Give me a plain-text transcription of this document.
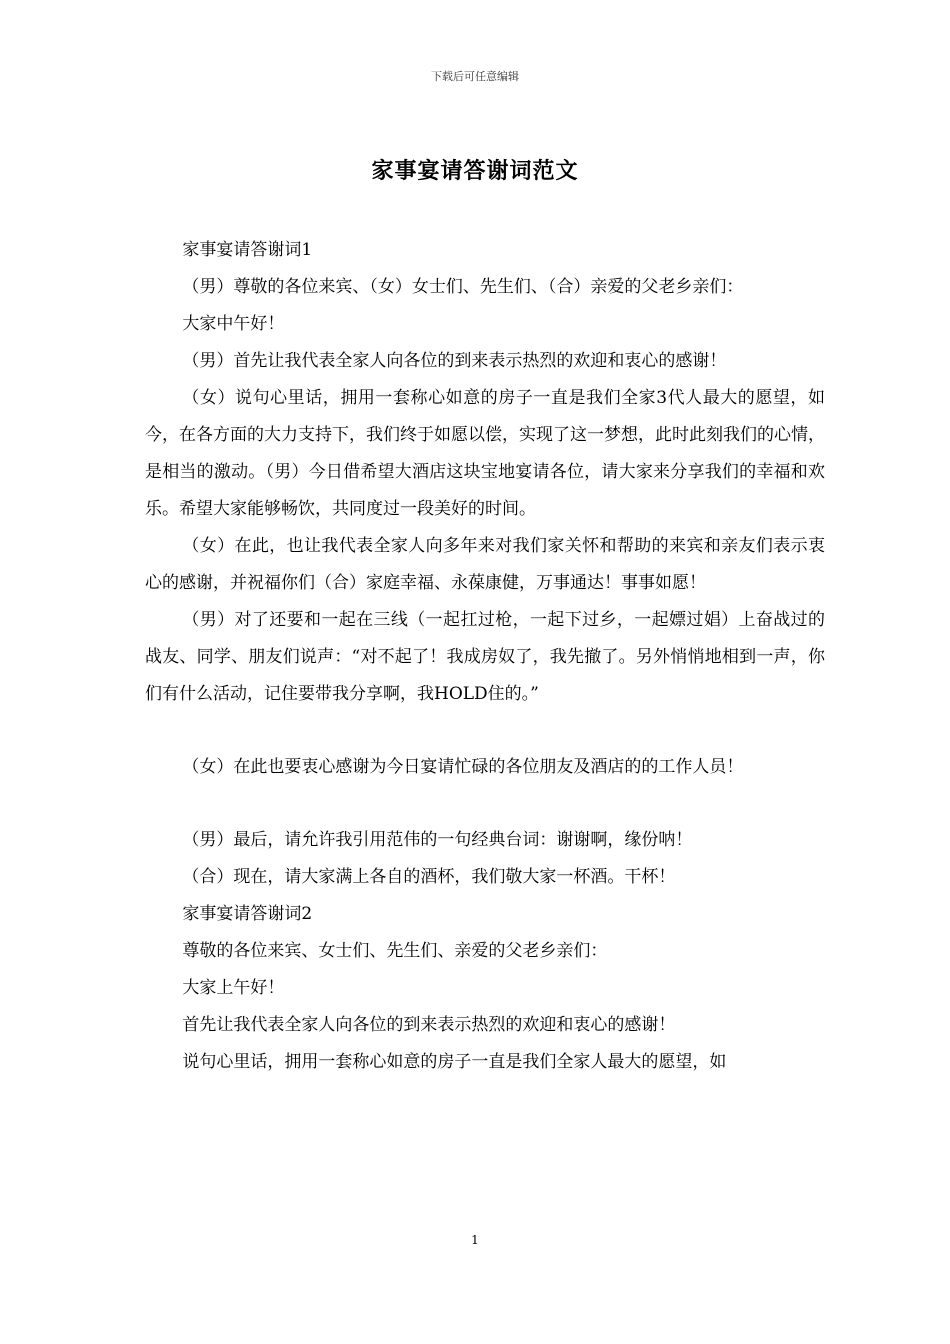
下载后可任意编辑
家事宴请答谢词范文

家事宴请答谢词1

（男）尊敬的各位来宾、（女）女士们、先生们、（合）亲爱的父老乡亲们：

大家中午好！

（男）首先让我代表全家人向各位的到来表示热烈的欢迎和衷心的感谢！

（女）说句心里话，拥用一套称心如意的房子一直是我们全家3代人最大的愿望，如今，在各方面的大力支持下，我们终于如愿以偿，实现了这一梦想，此时此刻我们的心情，是相当的激动。（男）今日借希望大酒店这块宝地宴请各位，请大家来分享我们的幸福和欢乐。希望大家能够畅饮，共同度过一段美好的时间。

（女）在此，也让我代表全家人向多年来对我们家关怀和帮助的来宾和亲友们表示衷心的感谢，并祝福你们（合）家庭幸福、永葆康健，万事通达！事事如愿！

（男）对了还要和一起在三线（一起扛过枪，一起下过乡，一起嫖过娼）上奋战过的战友、同学、朋友们说声：“对不起了！我成房奴了，我先撤了。另外悄悄地相到一声，你们有什么活动，记住要带我分享啊，我HOLD住的。”

（女）在此也要衷心感谢为今日宴请忙碌的各位朋友及酒店的的工作人员！

（男）最后，请允许我引用范伟的一句经典台词：谢谢啊，缘份呐！

（合）现在，请大家满上各自的酒杯，我们敬大家一杯酒。干杯！

家事宴请答谢词2

尊敬的各位来宾、女士们、先生们、亲爱的父老乡亲们：

大家上午好！

首先让我代表全家人向各位的到来表示热烈的欢迎和衷心的感谢！

说句心里话，拥用一套称心如意的房子一直是我们全家人最大的愿望，如

1
